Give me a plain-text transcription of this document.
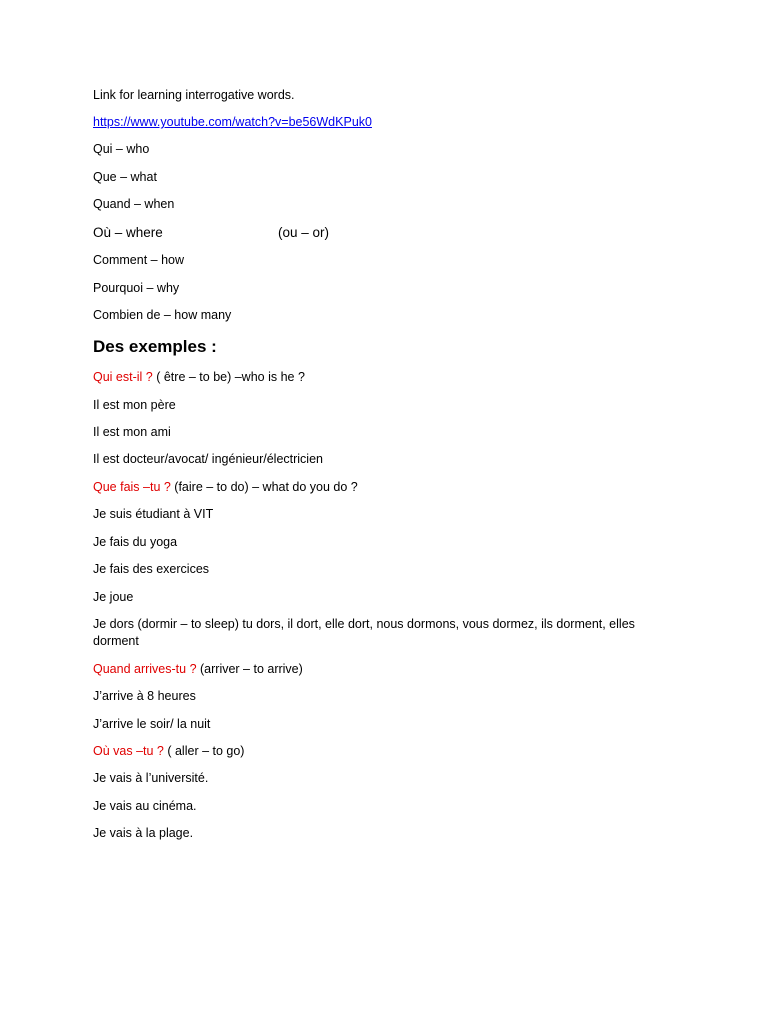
Link for learning interrogative words.
https://www.youtube.com/watch?v=be56WdKPuk0
Qui – who
Que – what
Quand – when
Où – where	(ou – or)
Comment – how
Pourquoi – why
Combien de – how many
Des exemples :
Qui est-il ? ( être – to be) –who is he ?
Il est mon père
Il est mon ami
Il est docteur/avocat/ ingénieur/électricien
Que fais –tu ? (faire – to do) – what do you do ?
Je suis étudiant à VIT
Je fais du yoga
Je fais des exercices
Je joue
Je dors (dormir – to sleep) tu dors, il dort, elle dort, nous dormons, vous dormez, ils dorment, elles dorment
Quand arrives-tu ? (arriver – to arrive)
J’arrive à 8 heures
J’arrive le soir/ la nuit
Où vas –tu ? ( aller – to go)
Je vais à l’université.
Je vais au cinéma.
Je vais à la plage.
